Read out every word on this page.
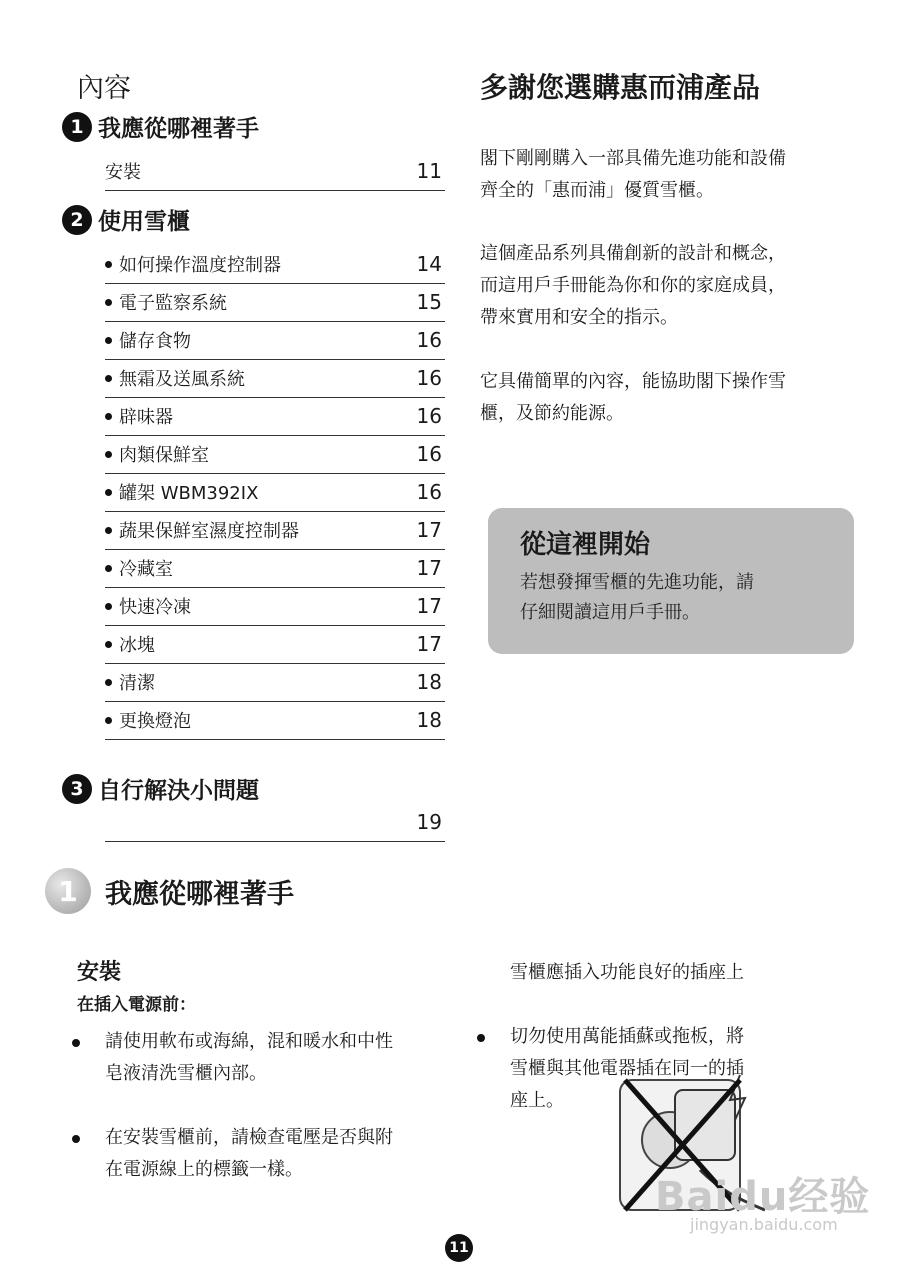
內容
1 我應從哪裡著手
安裝	11
2 使用雪櫃
如何操作溫度控制器	14
電子監察系統	15
儲存食物	16
無霜及送風系統	16
辟味器	16
肉類保鮮室	16
罐架 WBM392IX	16
蔬果保鮮室濕度控制器	17
冷藏室	17
快速冷凍	17
冰塊	17
清潔	18
更換燈泡	18
3 自行解決小問題
19
多謝您選購惠而浦產品
閣下剛剛購入一部具備先進功能和設備
齊全的「惠而浦」優質雪櫃。
這個產品系列具備創新的設計和概念，
而這用戶手冊能為你和你的家庭成員，
帶來實用和安全的指示。
它具備簡單的內容，能協助閣下操作雪
櫃，及節約能源。
從這裡開始

若想發揮雪櫃的先進功能，請
仔細閱讀這用戶手冊。

1	我應從哪裡著手
安裝
在插入電源前：
請使用軟布或海綿，混和暖水和中性
皂液清洗雪櫃內部。
在安裝雪櫃前，請檢查電壓是否與附
在電源線上的標籤一樣。
雪櫃應插入功能良好的插座上
切勿使用萬能插蘇或拖板，將
雪櫃與其他電器插在同一的插
座上。
Baidu经验
jingyan.baidu.com
11
